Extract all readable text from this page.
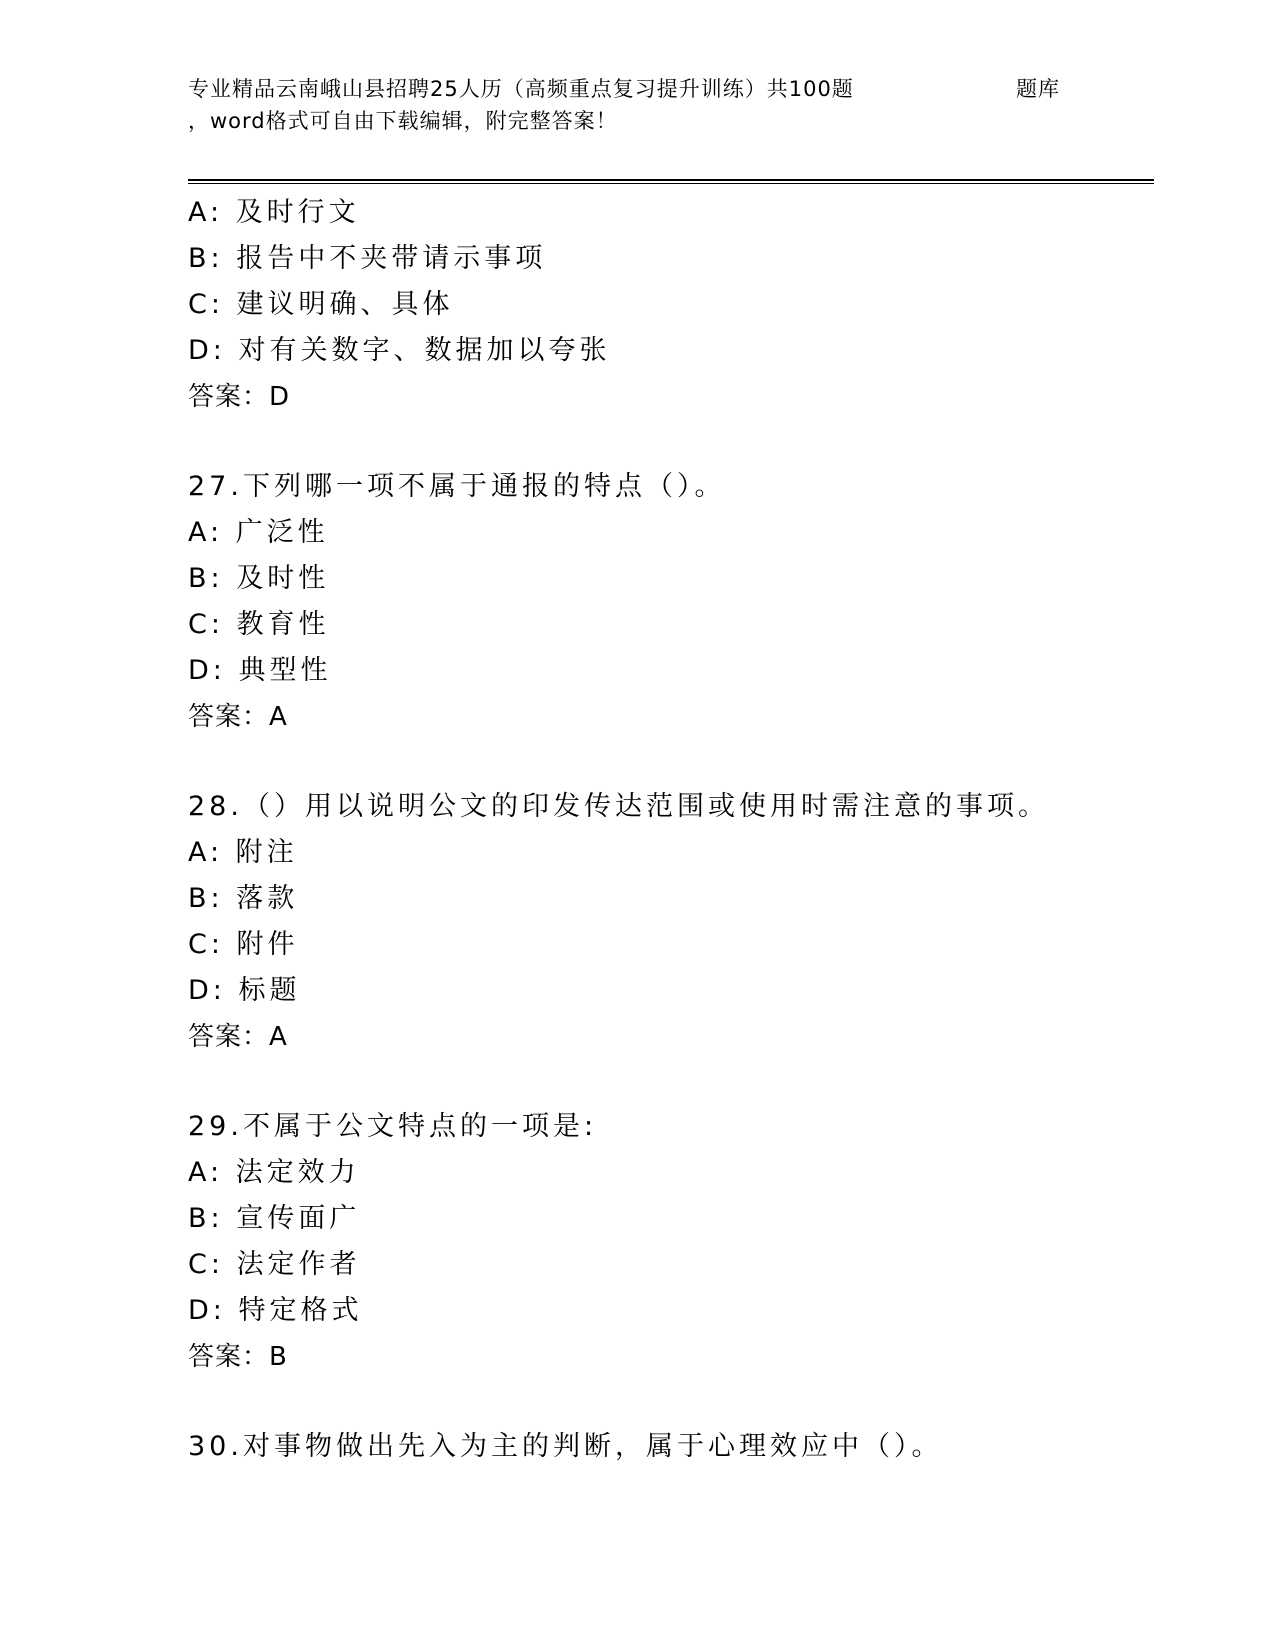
专业精品云南峨山县招聘25人历（高频重点复习提升训练）共100题	题库
，word格式可自由下载编辑，附完整答案！
A: 及时行文
B: 报告中不夹带请示事项
C: 建议明确、具体
D: 对有关数字、数据加以夸张
答案：D
27.下列哪一项不属于通报的特点（）。
A: 广泛性
B: 及时性
C: 教育性
D: 典型性
答案：A
28.（）用以说明公文的印发传达范围或使用时需注意的事项。
A: 附注
B: 落款
C: 附件
D: 标题
答案：A
29.不属于公文特点的一项是:
A: 法定效力
B: 宣传面广
C: 法定作者
D: 特定格式
答案：B
30.对事物做出先入为主的判断，属于心理效应中（）。
